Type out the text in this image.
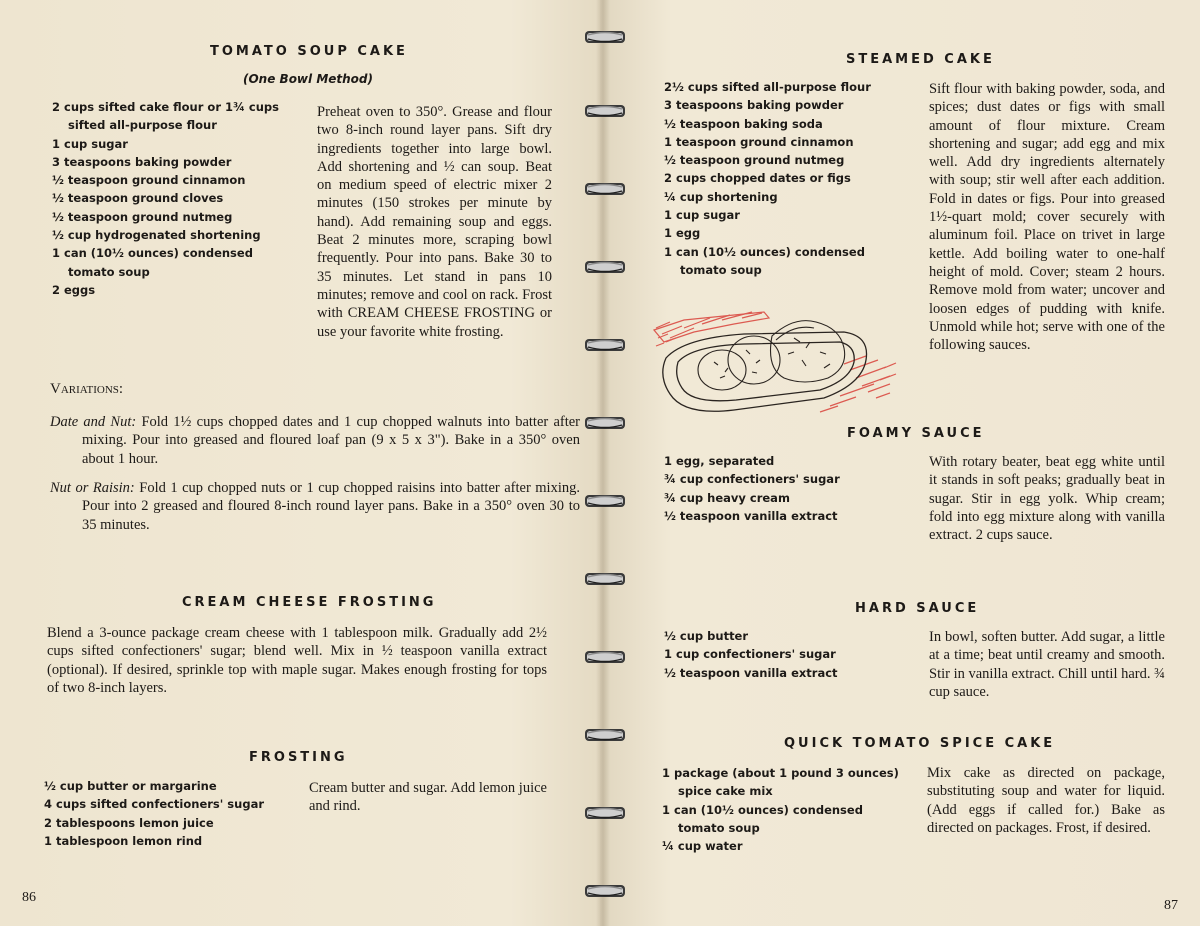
TOMATO SOUP CAKE
(One Bowl Method)
2 cups sifted cake flour or 1¾ cups
sifted all-purpose flour
1 cup sugar
3 teaspoons baking powder
½ teaspoon ground cinnamon
½ teaspoon ground cloves
½ teaspoon ground nutmeg
½ cup hydrogenated shortening
1 can (10½ ounces) condensed
tomato soup
2 eggs
Preheat oven to 350°. Grease and flour two 8-inch round layer pans. Sift dry ingredients together into large bowl. Add shortening and ½ can soup. Beat on medium speed of electric mixer 2 minutes (150 strokes per minute by hand). Add remaining soup and eggs. Beat 2 minutes more, scraping bowl frequently. Pour into pans. Bake 30 to 35 minutes. Let stand in pans 10 minutes; remove and cool on rack. Frost with CREAM CHEESE FROSTING or use your favorite white frosting.
Variations:
Date and Nut: Fold 1½ cups chopped dates and 1 cup chopped walnuts into batter after mixing. Pour into greased and floured loaf pan (9 x 5 x 3"). Bake in a 350° oven about 1 hour.
Nut or Raisin: Fold 1 cup chopped nuts or 1 cup chopped raisins into batter after mixing. Pour into 2 greased and floured 8-inch round layer pans. Bake in a 350° oven 30 to 35 minutes.
CREAM CHEESE FROSTING
Blend a 3-ounce package cream cheese with 1 tablespoon milk. Gradually add 2½ cups sifted confectioners' sugar; blend well. Mix in ½ teaspoon vanilla extract (optional). If desired, sprinkle top with maple sugar. Makes enough frosting for tops of two 8-inch layers.
FROSTING
½ cup butter or margarine
4 cups sifted confectioners' sugar
2 tablespoons lemon juice
1 tablespoon lemon rind
Cream butter and sugar. Add lemon juice and rind.
86
STEAMED CAKE
2½ cups sifted all-purpose flour
3 teaspoons baking powder
½ teaspoon baking soda
1 teaspoon ground cinnamon
½ teaspoon ground nutmeg
2 cups chopped dates or figs
¼ cup shortening
1 cup sugar
1 egg
1 can (10½ ounces) condensed
tomato soup
Sift flour with baking powder, soda, and spices; dust dates or figs with small amount of flour mixture. Cream shortening and sugar; add egg and mix well. Add dry ingredients alternately with soup; stir well after each addition. Fold in dates or figs. Pour into greased 1½-quart mold; cover securely with aluminum foil. Place on trivet in large kettle. Add boiling water to one-half height of mold. Cover; steam 2 hours. Remove mold from water; uncover and loosen edges of pudding with knife. Unmold while hot; serve with one of the following sauces.
FOAMY SAUCE
1 egg, separated
¾ cup confectioners' sugar
¾ cup heavy cream
½ teaspoon vanilla extract
With rotary beater, beat egg white until it stands in soft peaks; gradually beat in sugar. Stir in egg yolk. Whip cream; fold into egg mixture along with vanilla extract. 2 cups sauce.
HARD SAUCE
½ cup butter
1 cup confectioners' sugar
½ teaspoon vanilla extract
In bowl, soften butter. Add sugar, a little at a time; beat until creamy and smooth. Stir in vanilla extract. Chill until hard. ¾ cup sauce.
QUICK TOMATO SPICE CAKE
1 package (about 1 pound 3 ounces)
spice cake mix
1 can (10½ ounces) condensed
tomato soup
¼ cup water
Mix cake as directed on package, substituting soup and water for liquid. (Add eggs if called for.) Bake as directed on packages. Frost, if desired.
87
